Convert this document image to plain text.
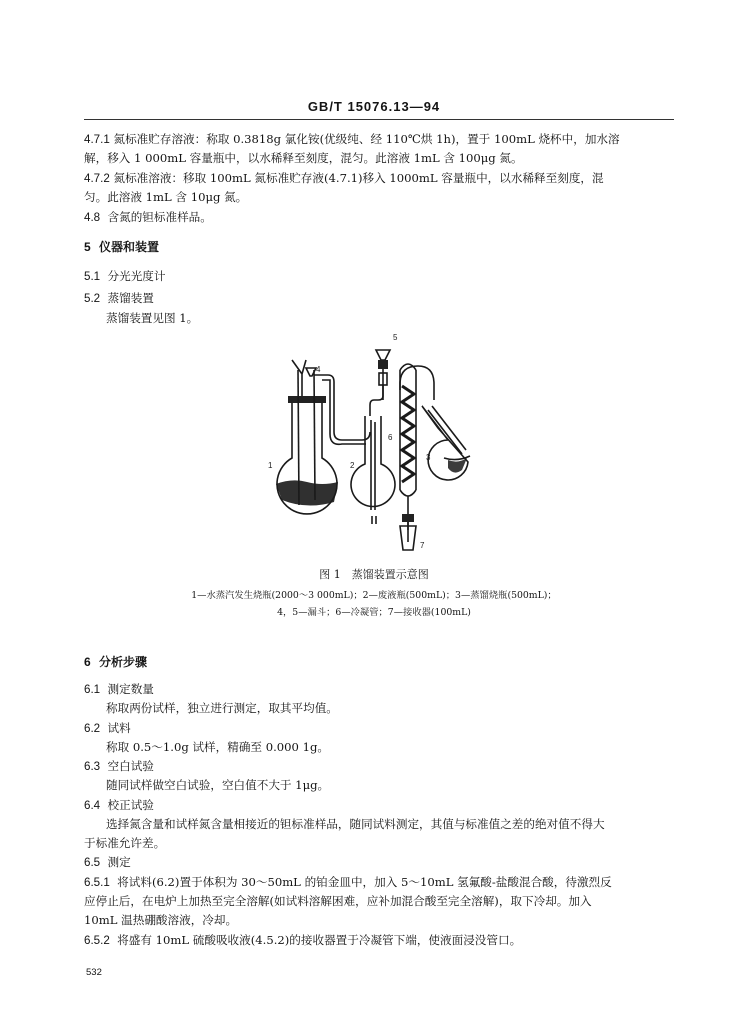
GB/T 15076.13—94
4.7.1 氮标准贮存溶液：称取 0.3818g 氯化铵(优级纯、经 110℃烘 1h)，置于 100mL 烧杯中，加水溶
解，移入 1 000mL 容量瓶中，以水稀释至刻度，混匀。此溶液 1mL 含 100μg 氮。
4.7.2 氮标准溶液：移取 100mL 氮标准贮存液(4.7.1)移入 1000mL 容量瓶中，以水稀释至刻度，混
匀。此溶液 1mL 含 10μg 氮。
4.8 含氮的钽标准样品。
5 仪器和装置
5.1 分光光度计
5.2 蒸馏装置
蒸馏装置见图 1。
1	2
3
4
5
6
7
图 1　蒸馏装置示意图
1—水蒸汽发生烧瓶(2000～3 000mL)；2—废液瓶(500mL)；3—蒸馏烧瓶(500mL)；
4，5—漏斗；6—冷凝管；7—接收器(100mL)
6 分析步骤
6.1 测定数量
称取两份试样，独立进行测定，取其平均值。
6.2 试料
称取 0.5～1.0g 试样，精确至 0.000 1g。
6.3 空白试验
随同试样做空白试验，空白值不大于 1μg。
6.4 校正试验
选择氮含量和试样氮含量相接近的钽标准样品，随同试料测定，其值与标准值之差的绝对值不得大
于标准允许差。
6.5 测定
6.5.1 将试料(6.2)置于体积为 30～50mL 的铂金皿中，加入 5～10mL 氢氟酸-盐酸混合酸，待激烈反
应停止后，在电炉上加热至完全溶解(如试料溶解困难，应补加混合酸至完全溶解)，取下冷却。加入
10mL 温热硼酸溶液，冷却。
6.5.2 将盛有 10mL 硫酸吸收液(4.5.2)的接收器置于冷凝管下端，使液面浸没管口。
532
